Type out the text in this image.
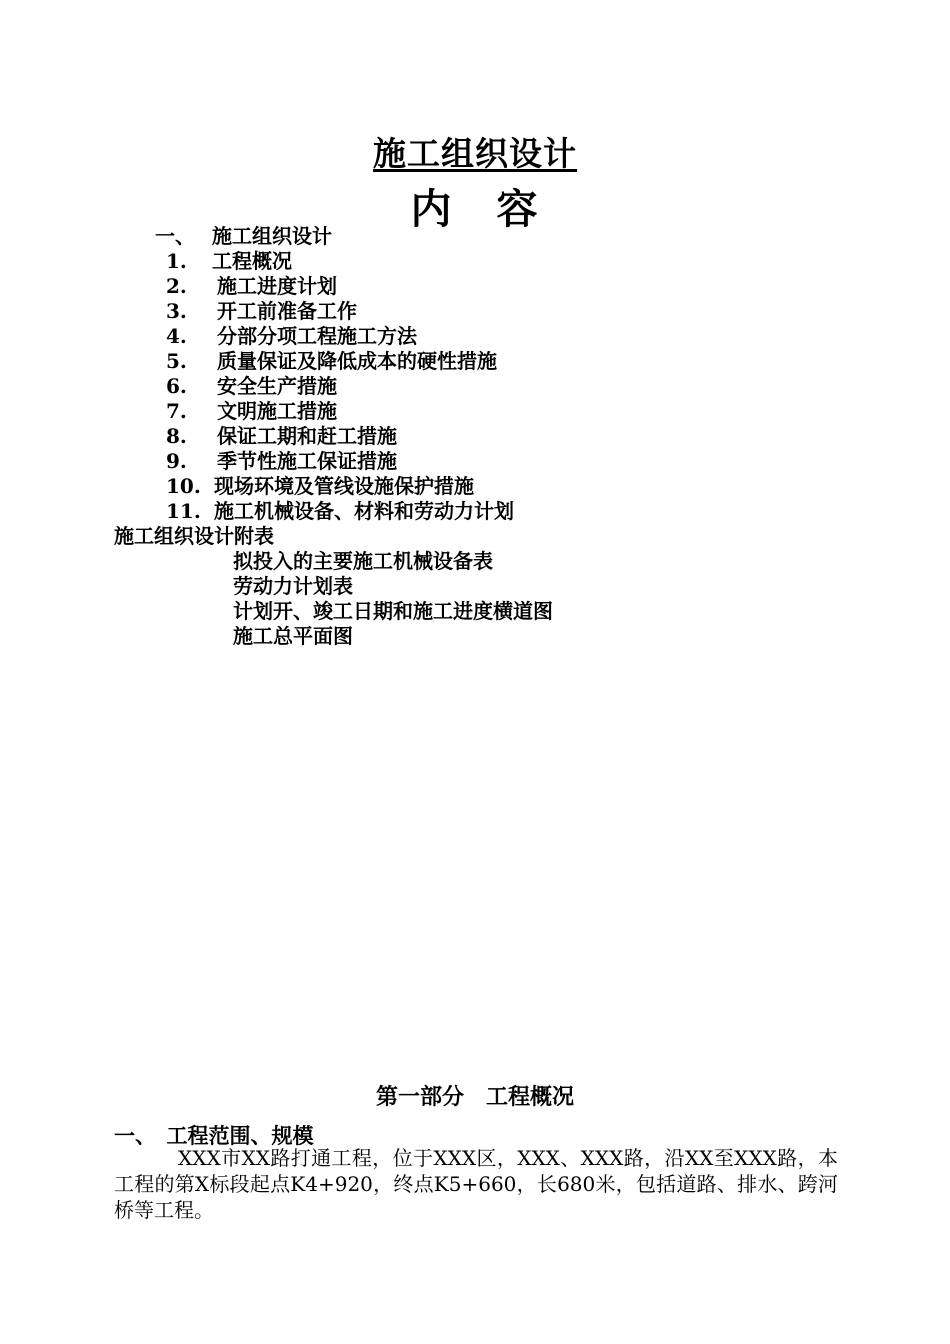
施工组织设计
内　容
一、 施工组织设计
1. 工程概况
2. 施工进度计划
3. 开工前准备工作
4. 分部分项工程施工方法
5. 质量保证及降低成本的硬性措施
6. 安全生产措施
7. 文明施工措施
8. 保证工期和赶工措施
9. 季节性施工保证措施
10. 现场环境及管线设施保护措施
11. 施工机械设备、材料和劳动力计划
施工组织设计附表
拟投入的主要施工机械设备表
劳动力计划表
计划开、竣工日期和施工进度横道图
施工总平面图
第一部分　工程概况
一、　工程范围、规模
XXX市XX路打通工程，位于XXX区，XXX、XXX路，沿XX至XXX路，本工程的第X标段起点K4+920，终点K5+660，长680米，包括道路、排水、跨河桥等工程。
